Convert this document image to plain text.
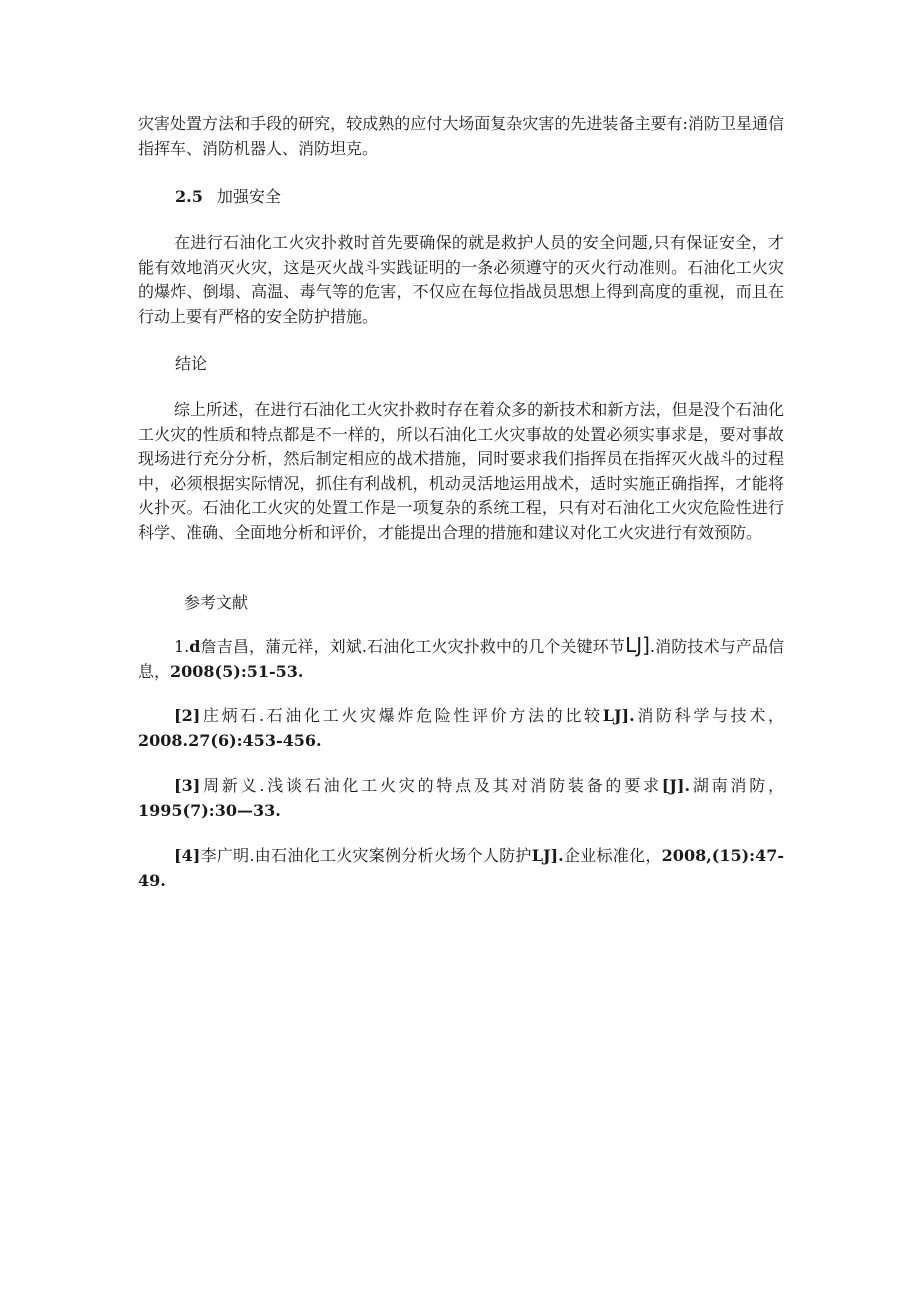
灾害处置方法和手段的研究，较成熟的应付大场面复杂灾害的先进装备主要有:消防卫星通信指挥车、消防机器人、消防坦克。

2.5 加强安全

在进行石油化工火灾扑救时首先要确保的就是救护人员的安全问题,只有保证安全，才能有效地消灭火灾，这是灭火战斗实践证明的一条必须遵守的灭火行动准则。石油化工火灾的爆炸、倒塌、高温、毒气等的危害，不仅应在每位指战员思想上得到高度的重视，而且在行动上要有严格的安全防护措施。

结论

综上所述，在进行石油化工火灾扑救时存在着众多的新技术和新方法，但是没个石油化工火灾的性质和特点都是不一样的，所以石油化工火灾事故的处置必须实事求是，要对事故现场进行充分分析，然后制定相应的战术措施，同时要求我们指挥员在指挥灭火战斗的过程中，必须根据实际情况，抓住有利战机，机动灵活地运用战术，适时实施正确指挥，才能将火扑灭。石油化工火灾的处置工作是一项复杂的系统工程，只有对石油化工火灾危险性进行科学、准确、全面地分析和评价，才能提出合理的措施和建议对化工火灾进行有效预防。

参考文献

1.d詹吉昌，蒲元祥，刘斌.石油化工火灾扑救中的几个关键环节LJ].消防技术与产品信息，2008(5):51-53.

[2]庄炳石.石油化工火灾爆炸危险性评价方法的比较LJ].消防科学与技术，2008.27(6):453-456.

[3]周新义.浅谈石油化工火灾的特点及其对消防装备的要求[J].湖南消防，1995(7):30—33.

[4]李广明.由石油化工火灾案例分析火场个人防护LJ].企业标准化，2008,(15):47-49.
